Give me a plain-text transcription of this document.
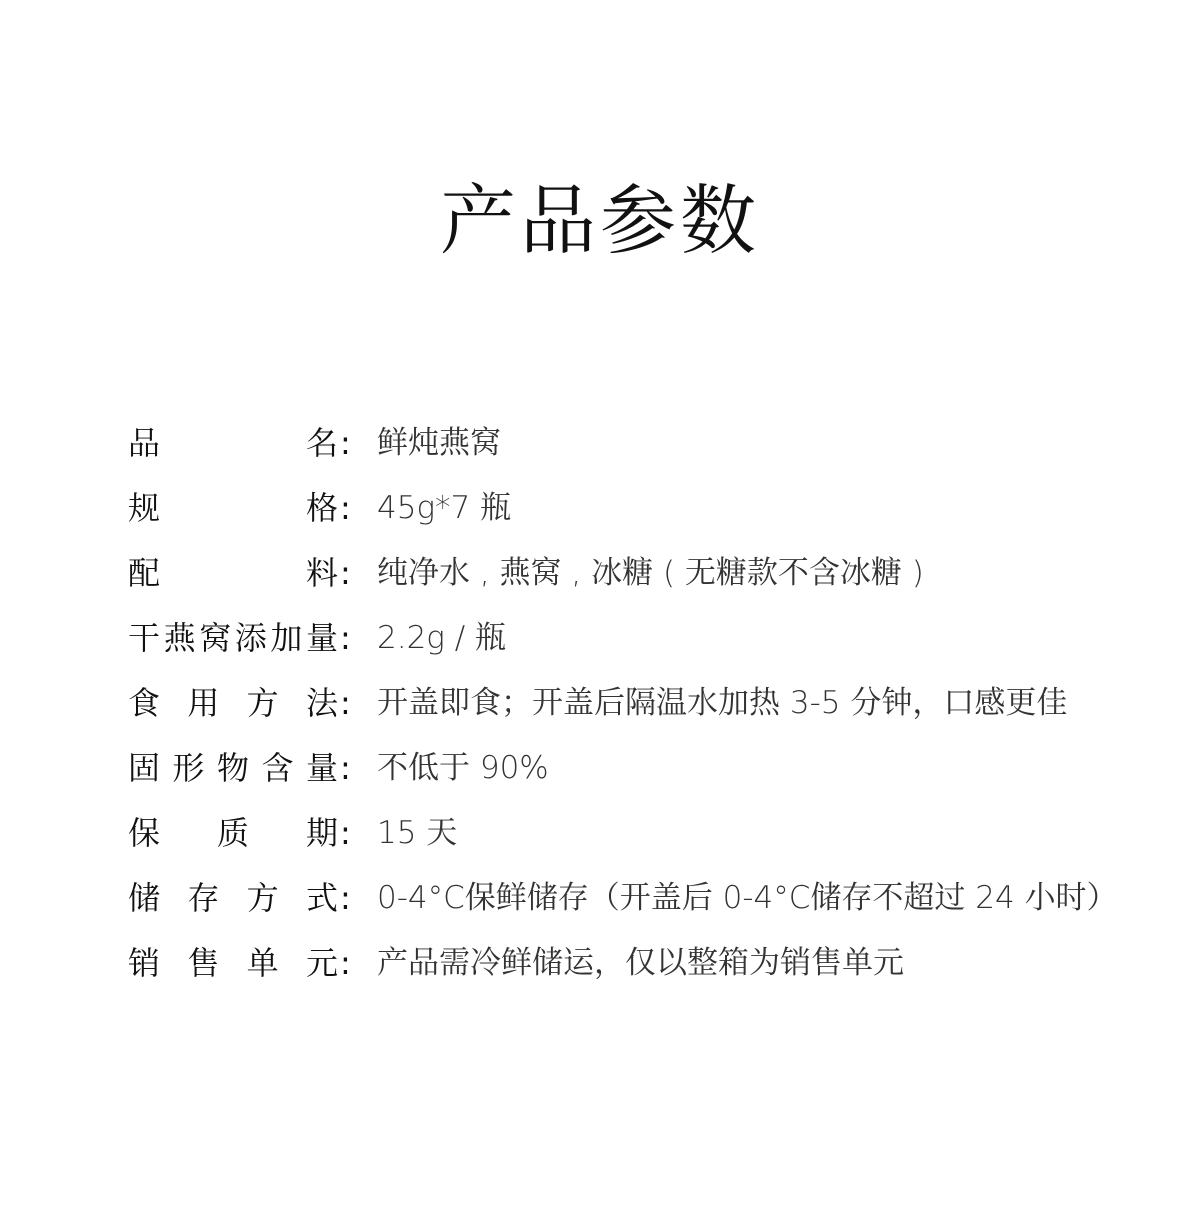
产品参数
品名 : 鲜炖燕窝
规格 : 45g*7 瓶
配料 : 纯净水 , 燕窝 , 冰糖 ( 无糖款不含冰糖 )
干燕窝添加量 : 2.2g / 瓶
食用方法 : 开盖即食；开盖后隔温水加热 3-5 分钟，口感更佳
固形物含量 : 不低于 90%
保质期 : 15 天
储存方式 : 0-4°C保鲜储存（开盖后 0-4°C储存不超过 24 小时）
销售单元 : 产品需冷鲜储运，仅以整箱为销售单元
